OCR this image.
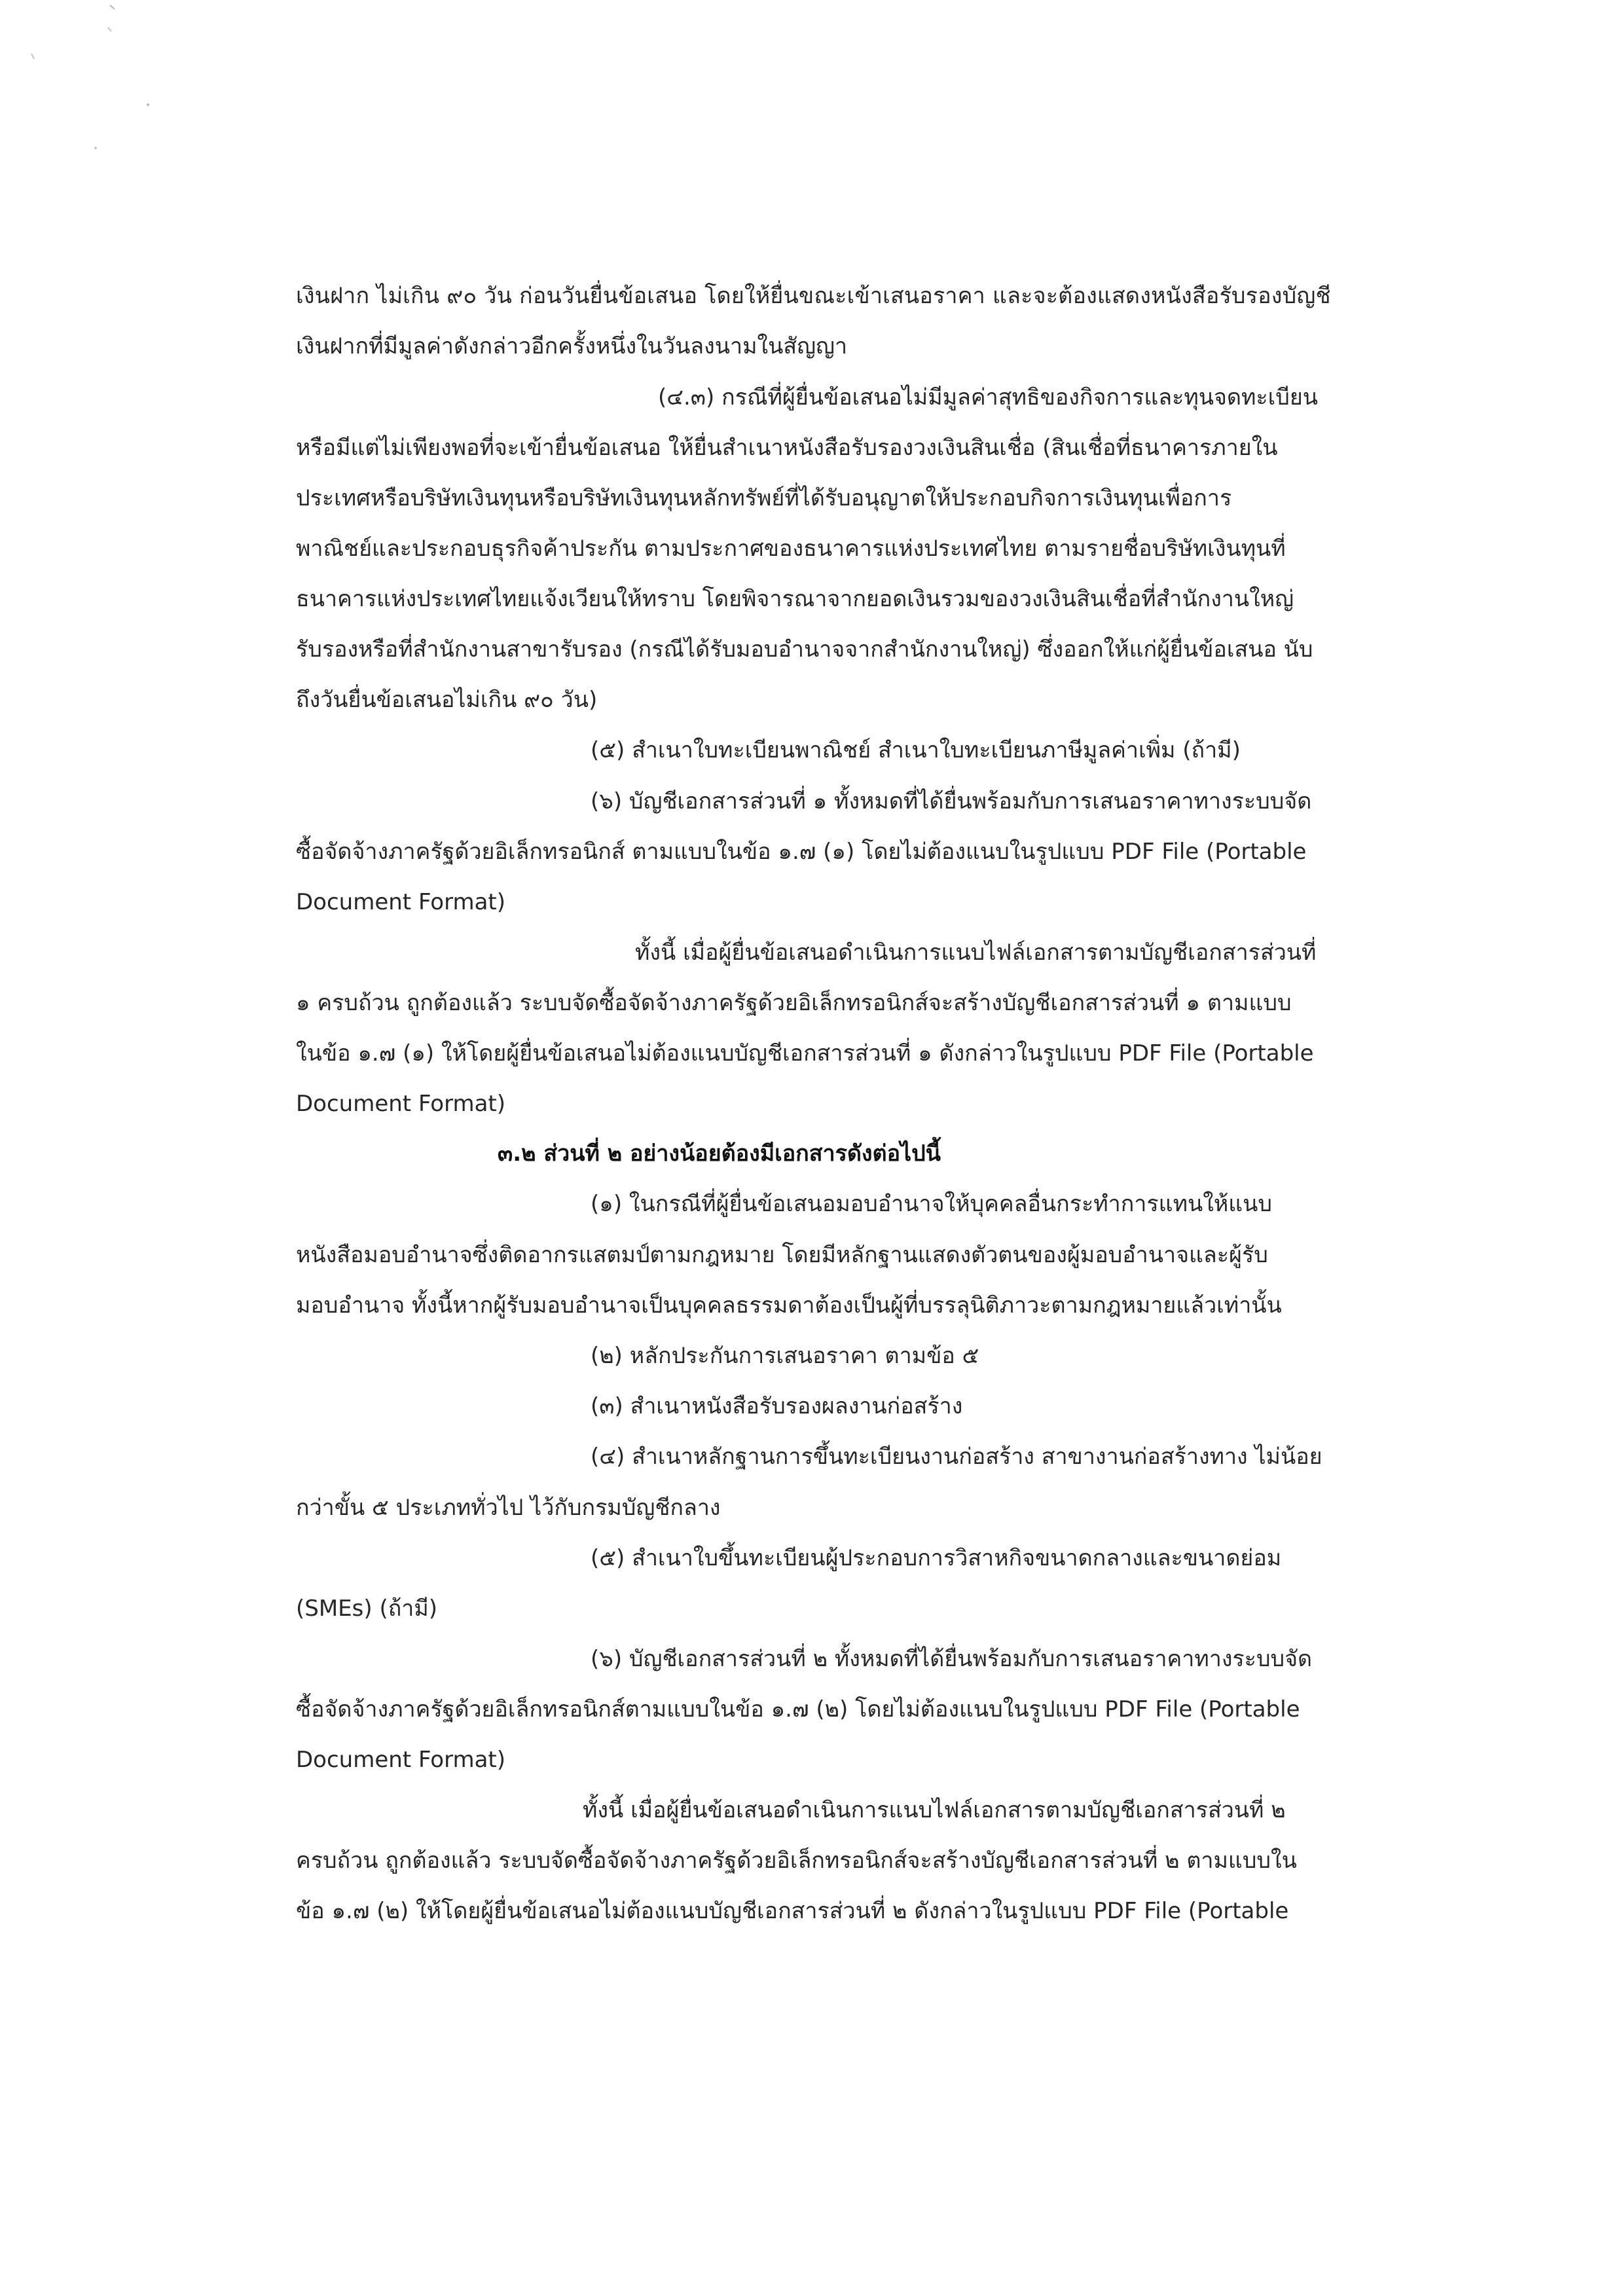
เงินฝาก ไม่เกิน ๙๐ วัน ก่อนวันยื่นข้อเสนอ โดยให้ยื่นขณะเข้าเสนอราคา และจะต้องแสดงหนังสือรับรองบัญชี
เงินฝากที่มีมูลค่าดังกล่าวอีกครั้งหนึ่งในวันลงนามในสัญญา
(๔.๓) กรณีที่ผู้ยื่นข้อเสนอไม่มีมูลค่าสุทธิของกิจการและทุนจดทะเบียน
หรือมีแต่ไม่เพียงพอที่จะเข้ายื่นข้อเสนอ ให้ยื่นสำเนาหนังสือรับรองวงเงินสินเชื่อ (สินเชื่อที่ธนาคารภายใน
ประเทศหรือบริษัทเงินทุนหรือบริษัทเงินทุนหลักทรัพย์ที่ได้รับอนุญาตให้ประกอบกิจการเงินทุนเพื่อการ
พาณิชย์และประกอบธุรกิจค้าประกัน ตามประกาศของธนาคารแห่งประเทศไทย ตามรายชื่อบริษัทเงินทุนที่
ธนาคารแห่งประเทศไทยแจ้งเวียนให้ทราบ โดยพิจารณาจากยอดเงินรวมของวงเงินสินเชื่อที่สำนักงานใหญ่
รับรองหรือที่สำนักงานสาขารับรอง (กรณีได้รับมอบอำนาจจากสำนักงานใหญ่) ซึ่งออกให้แก่ผู้ยื่นข้อเสนอ นับ
ถึงวันยื่นข้อเสนอไม่เกิน ๙๐ วัน)
(๕) สำเนาใบทะเบียนพาณิชย์ สำเนาใบทะเบียนภาษีมูลค่าเพิ่ม (ถ้ามี)
(๖) บัญชีเอกสารส่วนที่ ๑ ทั้งหมดที่ได้ยื่นพร้อมกับการเสนอราคาทางระบบจัด
ซื้อจัดจ้างภาครัฐด้วยอิเล็กทรอนิกส์ ตามแบบในข้อ ๑.๗ (๑) โดยไม่ต้องแนบในรูปแบบ PDF File (Portable
Document Format)
ทั้งนี้ เมื่อผู้ยื่นข้อเสนอดำเนินการแนบไฟล์เอกสารตามบัญชีเอกสารส่วนที่
๑ ครบถ้วน ถูกต้องแล้ว ระบบจัดซื้อจัดจ้างภาครัฐด้วยอิเล็กทรอนิกส์จะสร้างบัญชีเอกสารส่วนที่ ๑ ตามแบบ
ในข้อ ๑.๗ (๑) ให้โดยผู้ยื่นข้อเสนอไม่ต้องแนบบัญชีเอกสารส่วนที่ ๑ ดังกล่าวในรูปแบบ PDF File (Portable
Document Format)
๓.๒ ส่วนที่ ๒ อย่างน้อยต้องมีเอกสารดังต่อไปนี้
(๑) ในกรณีที่ผู้ยื่นข้อเสนอมอบอำนาจให้บุคคลอื่นกระทำการแทนให้แนบ
หนังสือมอบอำนาจซึ่งติดอากรแสตมป์ตามกฎหมาย โดยมีหลักฐานแสดงตัวตนของผู้มอบอำนาจและผู้รับ
มอบอำนาจ ทั้งนี้หากผู้รับมอบอำนาจเป็นบุคคลธรรมดาต้องเป็นผู้ที่บรรลุนิติภาวะตามกฎหมายแล้วเท่านั้น
(๒) หลักประกันการเสนอราคา ตามข้อ ๕
(๓) สำเนาหนังสือรับรองผลงานก่อสร้าง
(๔) สำเนาหลักฐานการขึ้นทะเบียนงานก่อสร้าง สาขางานก่อสร้างทาง ไม่น้อย
กว่าขั้น ๕ ประเภททั่วไป ไว้กับกรมบัญชีกลาง
(๕) สำเนาใบขึ้นทะเบียนผู้ประกอบการวิสาหกิจขนาดกลางและขนาดย่อม
(SMEs) (ถ้ามี)
(๖) บัญชีเอกสารส่วนที่ ๒ ทั้งหมดที่ได้ยื่นพร้อมกับการเสนอราคาทางระบบจัด
ซื้อจัดจ้างภาครัฐด้วยอิเล็กทรอนิกส์ตามแบบในข้อ ๑.๗ (๒) โดยไม่ต้องแนบในรูปแบบ PDF File (Portable
Document Format)
ทั้งนี้ เมื่อผู้ยื่นข้อเสนอดำเนินการแนบไฟล์เอกสารตามบัญชีเอกสารส่วนที่ ๒
ครบถ้วน ถูกต้องแล้ว ระบบจัดซื้อจัดจ้างภาครัฐด้วยอิเล็กทรอนิกส์จะสร้างบัญชีเอกสารส่วนที่ ๒ ตามแบบใน
ข้อ ๑.๗ (๒) ให้โดยผู้ยื่นข้อเสนอไม่ต้องแนบบัญชีเอกสารส่วนที่ ๒ ดังกล่าวในรูปแบบ PDF File (Portable
